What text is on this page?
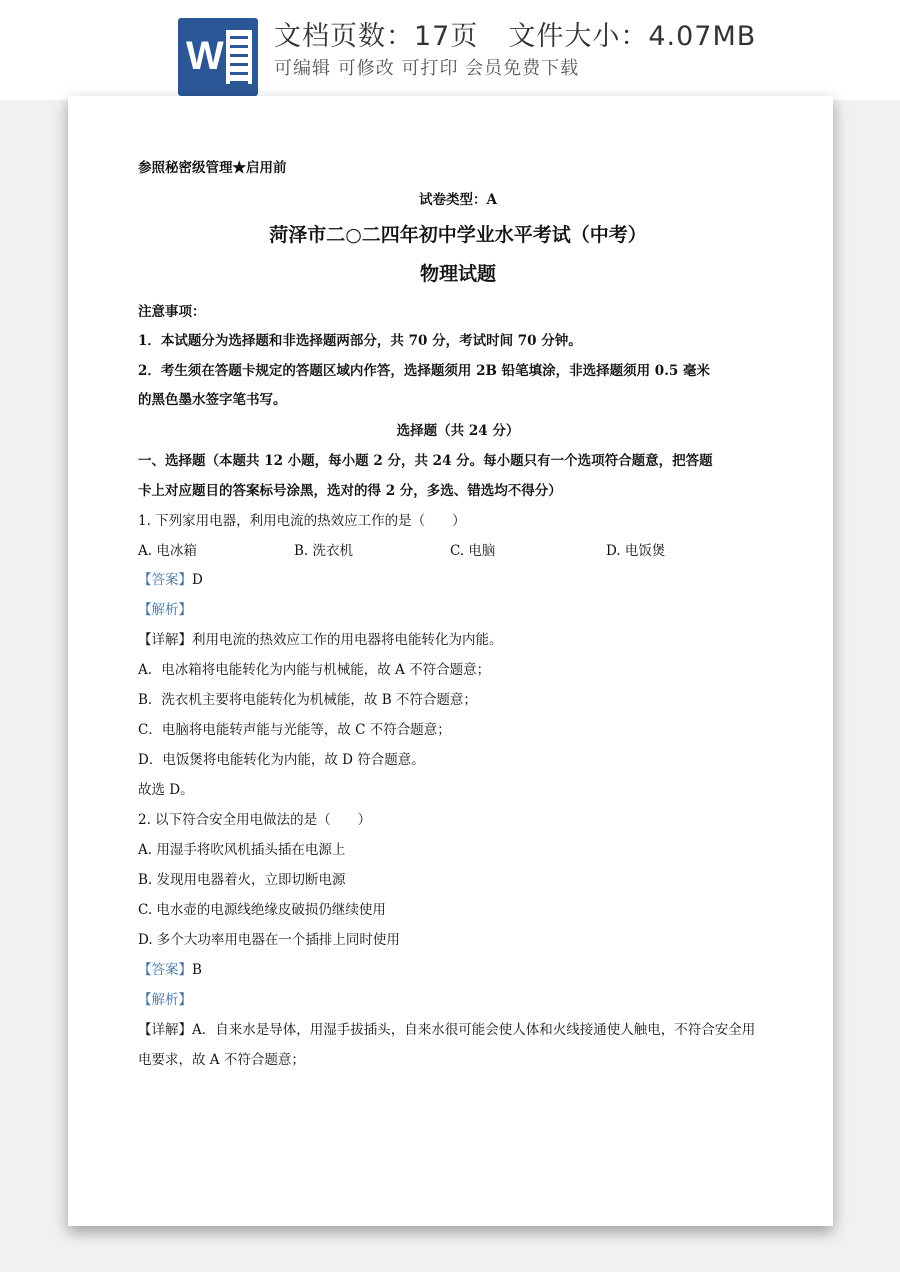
W 文档页数：17页 文件大小：4.07MB
可编辑 可修改 可打印 会员免费下载
参照秘密级管理★启用前
试卷类型：A
菏泽市二○二四年初中学业水平考试（中考）
物理试题
注意事项：
1．本试题分为选择题和非选择题两部分，共 70 分，考试时间 70 分钟。
2．考生须在答题卡规定的答题区域内作答，选择题须用 2B 铅笔填涂，非选择题须用 0.5 毫米
的黑色墨水签字笔书写。
选择题（共 24 分）
一、选择题（本题共 12 小题，每小题 2 分，共 24 分。每小题只有一个选项符合题意，把答题
卡上对应题目的答案标号涂黑，选对的得 2 分，多选、错选均不得分）
1. 下列家用电器，利用电流的热效应工作的是（　　）
A. 电冰箱	B. 洗衣机	C. 电脑	D. 电饭煲
【答案】D
【解析】
【详解】利用电流的热效应工作的用电器将电能转化为内能。
A．电冰箱将电能转化为内能与机械能，故 A 不符合题意；
B．洗衣机主要将电能转化为机械能，故 B 不符合题意；
C．电脑将电能转声能与光能等，故 C 不符合题意；
D．电饭煲将电能转化为内能，故 D 符合题意。
故选 D。
2. 以下符合安全用电做法的是（　　）
A. 用湿手将吹风机插头插在电源上
B. 发现用电器着火，立即切断电源
C. 电水壶的电源线绝缘皮破损仍继续使用
D. 多个大功率用电器在一个插排上同时使用
【答案】B
【解析】
【详解】A．自来水是导体，用湿手拔插头，自来水很可能会使人体和火线接通使人触电，不符合安全用
电要求，故 A 不符合题意；
